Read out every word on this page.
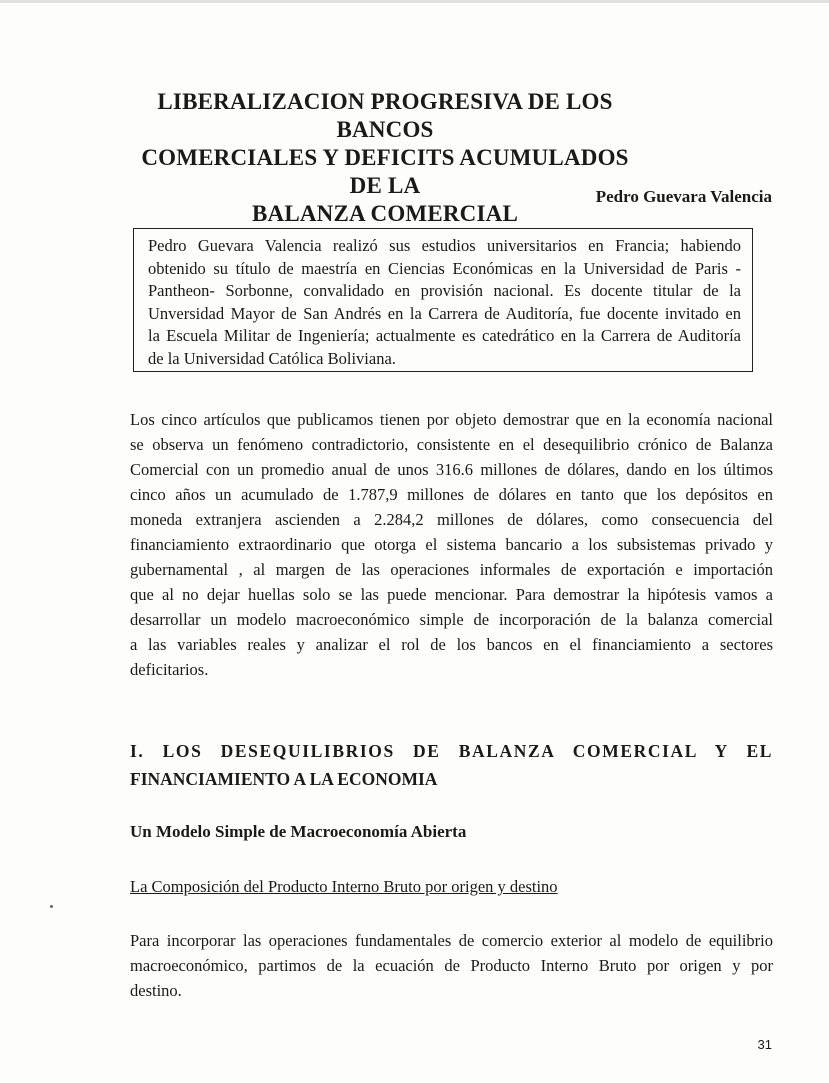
LIBERALIZACION PROGRESIVA DE LOS BANCOS
COMERCIALES Y DEFICITS ACUMULADOS DE LA
BALANZA COMERCIAL
Pedro Guevara Valencia
Pedro Guevara Valencia realizó sus estudios universitarios en Francia; habiendo
obtenido su título de maestría en Ciencias Económicas en la Universidad de Paris -
Pantheon- Sorbonne, convalidado en provisión nacional. Es docente titular de la
Unversidad Mayor de San Andrés en la Carrera de Auditoría, fue docente invitado en
la Escuela Militar de Ingeniería; actualmente es catedrático en la Carrera de Auditoría
de la Universidad Católica Boliviana.
Los cinco artículos que publicamos tienen por objeto demostrar que en la economía nacional
se observa un fenómeno contradictorio, consistente en el desequilibrio crónico de Balanza
Comercial con un promedio anual de unos 316.6 millones de dólares, dando en los últimos
cinco años un acumulado de 1.787,9 millones de dólares en tanto que los depósitos en
moneda extranjera ascienden a 2.284,2 millones de dólares, como consecuencia del
financiamiento extraordinario que otorga el sistema bancario a los subsistemas privado y
gubernamental , al margen de las operaciones informales de exportación e importación
que al no dejar huellas solo se las puede mencionar. Para demostrar la hipótesis vamos a
desarrollar un modelo macroeconómico simple de incorporación de la balanza comercial
a las variables reales y analizar el rol de los bancos en el financiamiento a sectores
deficitarios.
I. LOS DESEQUILIBRIOS DE BALANZA COMERCIAL Y EL
FINANCIAMIENTO A LA ECONOMIA
Un Modelo Simple de Macroeconomía Abierta
La Composición del Producto Interno Bruto por origen y destino
Para incorporar las operaciones fundamentales de comercio exterior al modelo de equilibrio
macroeconómico, partimos de la ecuación de Producto Interno Bruto por origen y por
destino.
31
